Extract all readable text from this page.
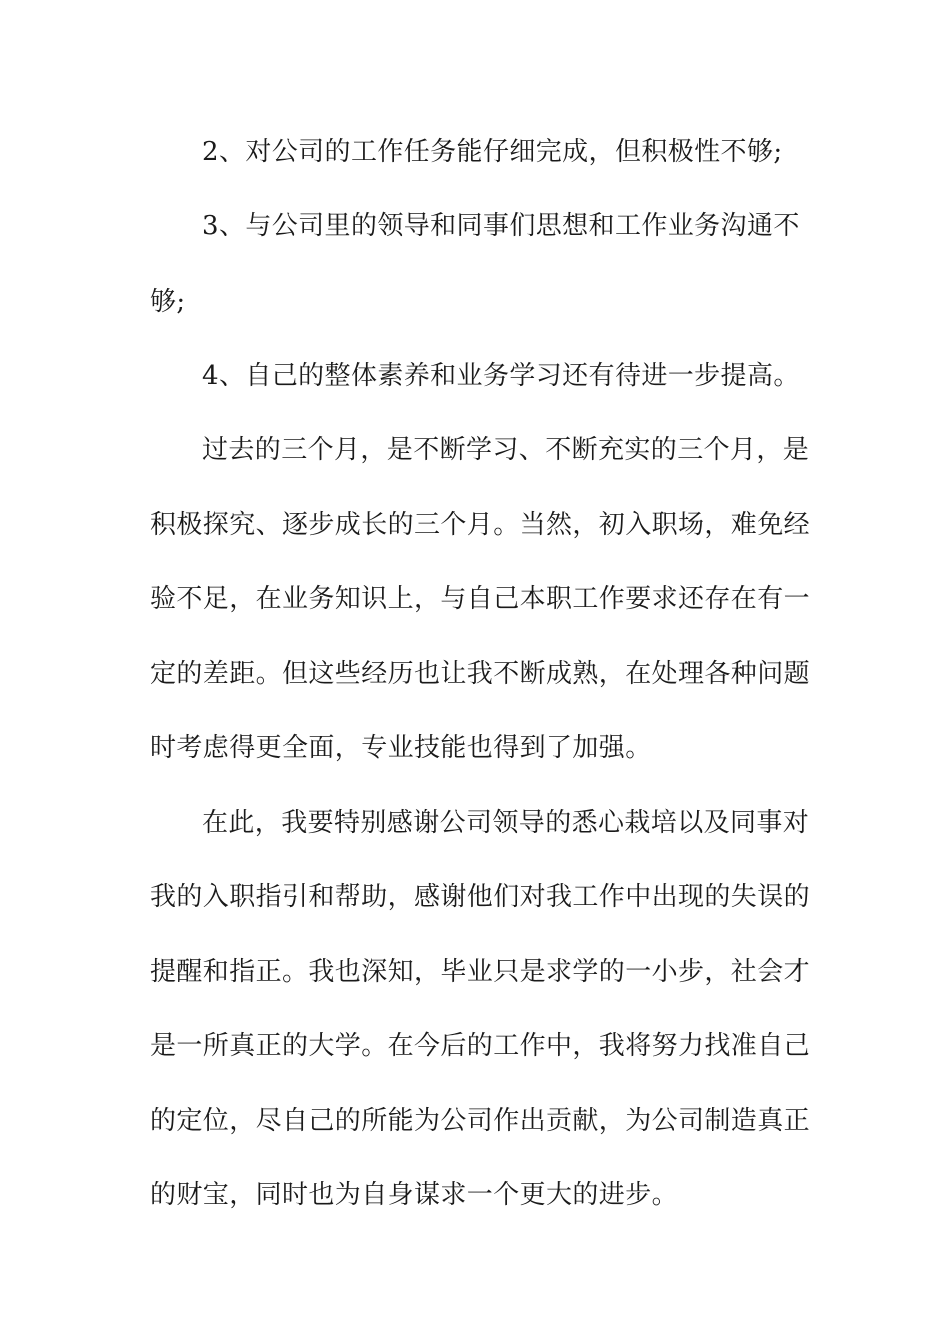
2、对公司的工作任务能仔细完成，但积极性不够;

3、与公司里的领导和同事们思想和工作业务沟通不

够;

4、自己的整体素养和业务学习还有待进一步提高。

过去的三个月，是不断学习、不断充实的三个月，是

积极探究、逐步成长的三个月。当然，初入职场，难免经

验不足，在业务知识上，与自己本职工作要求还存在有一

定的差距。但这些经历也让我不断成熟，在处理各种问题

时考虑得更全面，专业技能也得到了加强。

在此，我要特别感谢公司领导的悉心栽培以及同事对

我的入职指引和帮助，感谢他们对我工作中出现的失误的

提醒和指正。我也深知，毕业只是求学的一小步，社会才

是一所真正的大学。在今后的工作中，我将努力找准自己

的定位，尽自己的所能为公司作出贡献，为公司制造真正

的财宝，同时也为自身谋求一个更大的进步。
